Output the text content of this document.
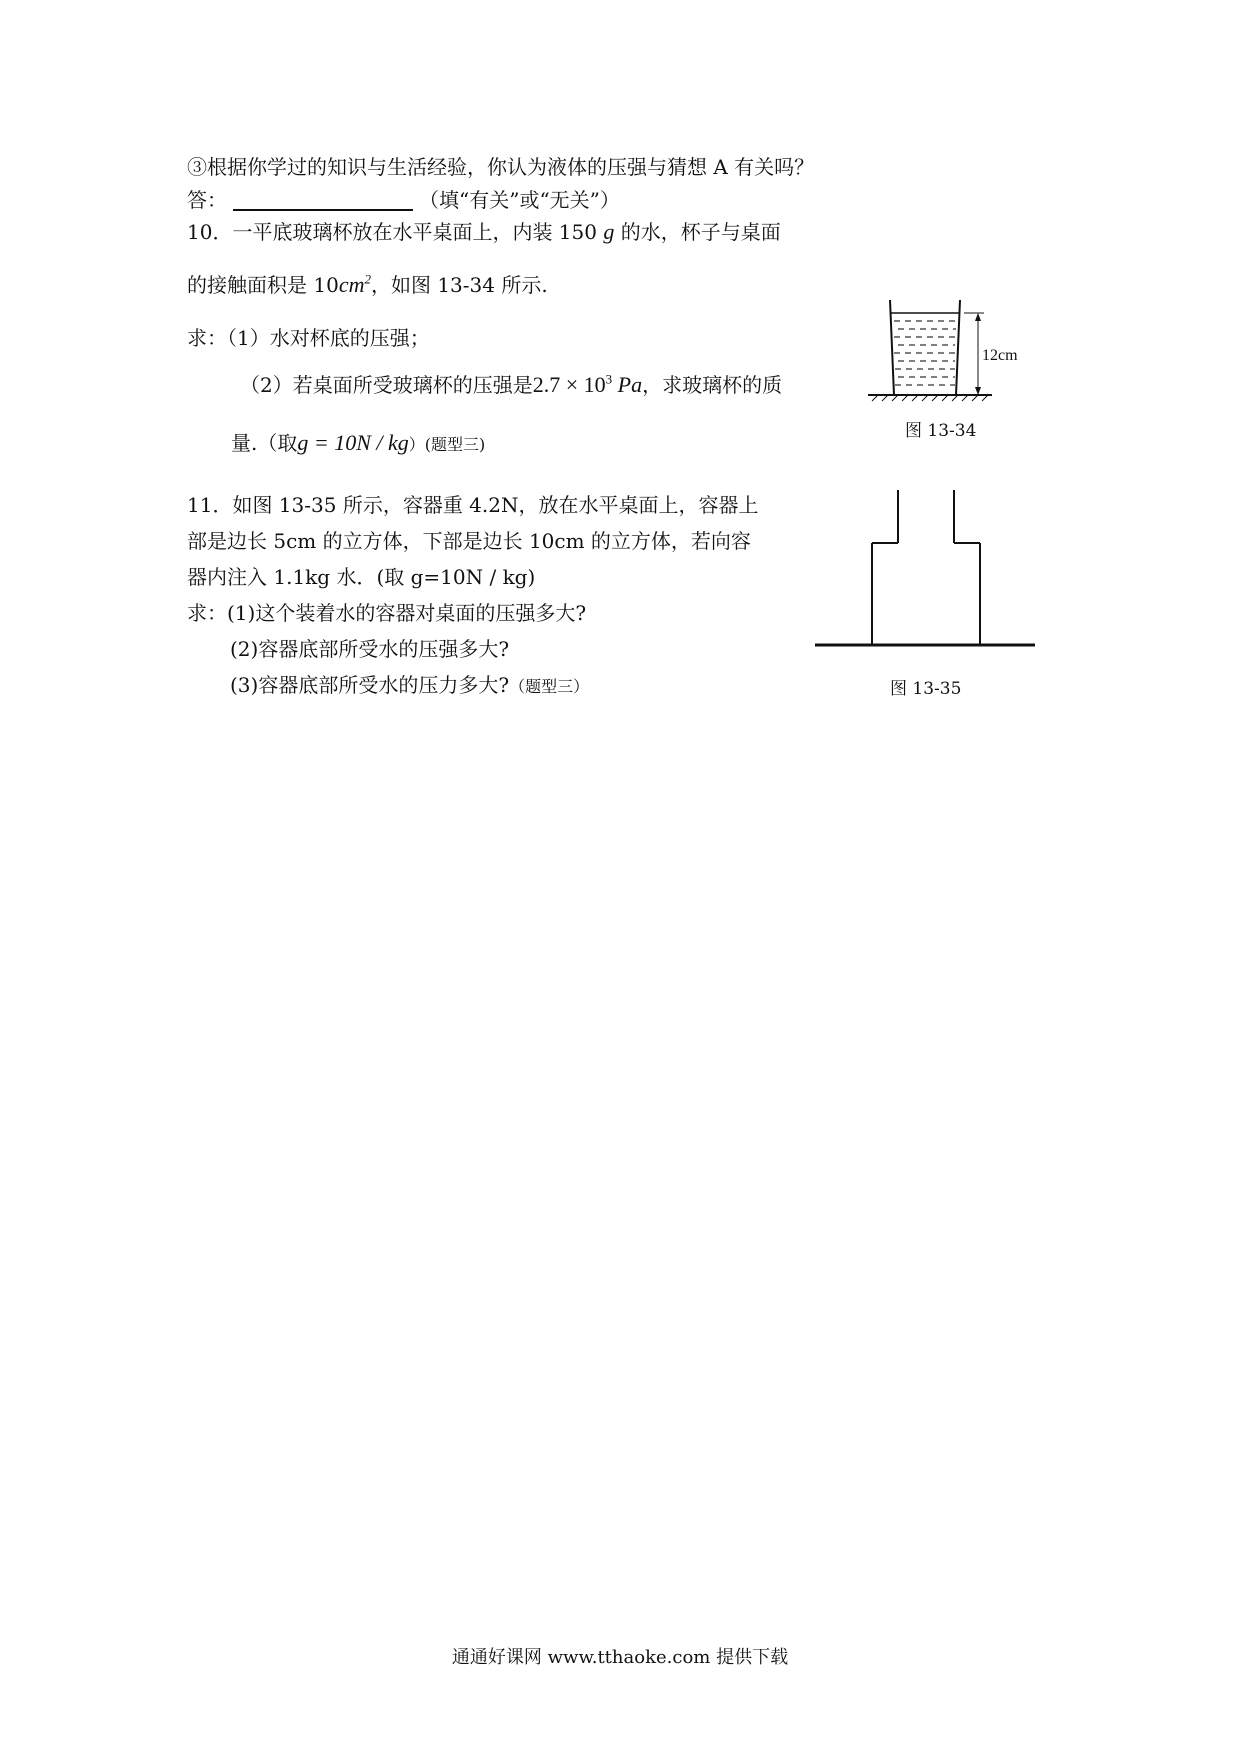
③根据你学过的知识与生活经验，你认为液体的压强与猜想 A 有关吗？
答：	（填“有关”或“无关”）
10．一平底玻璃杯放在水平桌面上，内装 150 g 的水，杯子与桌面
的接触面积是 $10cm^2$，如图 13-34 所示.
求：（1）水对杯底的压强；
（2）若桌面所受玻璃杯的压强是$2.7 \times 10^3$ Pa，求玻璃杯的质
量.（取g = 10N / kg）(题型三)
12cm
图 13-34
11．如图 13-35 所示，容器重 4.2N，放在水平桌面上，容器上
部是边长 5cm 的立方体，下部是边长 10cm 的立方体，若向容
器内注入 1.1kg 水．(取 g=10N / kg)
求：(1)这个装着水的容器对桌面的压强多大?
(2)容器底部所受水的压强多大?
(3)容器底部所受水的压力多大?（题型三）	图 13-35
通通好课网 www.tthaoke.com 提供下载
